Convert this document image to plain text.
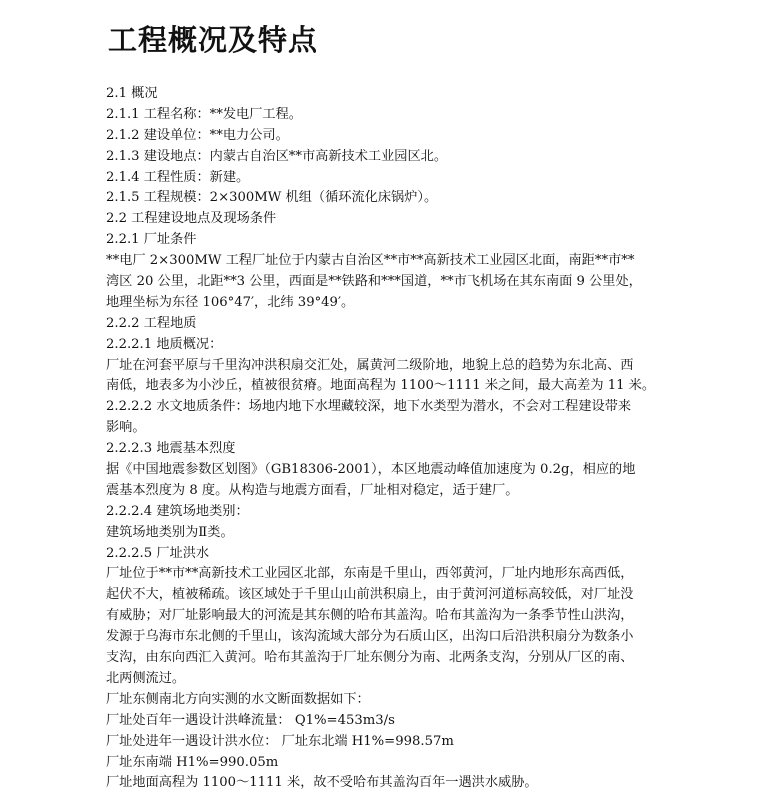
工程概况及特点
2.1 概况
2.1.1 工程名称：**发电厂工程。
2.1.2 建设单位：**电力公司。
2.1.3 建设地点：内蒙古自治区**市高新技术工业园区北。
2.1.4 工程性质：新建。
2.1.5 工程规模：2×300MW 机组（循环流化床锅炉）。
2.2 工程建设地点及现场条件
2.2.1 厂址条件
**电厂 2×300MW 工程厂址位于内蒙古自治区**市**高新技术工业园区北面，南距**市**
湾区 20 公里，北距**3 公里，西面是**铁路和***国道，**市飞机场在其东南面 9 公里处，
地理坐标为东径 106°47′，北纬 39°49′。
2.2.2 工程地质
2.2.2.1 地质概况：
厂址在河套平原与千里沟冲洪积扇交汇处，属黄河二级阶地，地貌上总的趋势为东北高、西
南低，地表多为小沙丘，植被很贫瘠。地面高程为 1100～1111 米之间，最大高差为 11 米。
2.2.2.2 水文地质条件：场地内地下水埋藏较深，地下水类型为潜水，不会对工程建设带来
影响。
2.2.2.3 地震基本烈度
据《中国地震参数区划图》（GB18306-2001），本区地震动峰值加速度为 0.2g，相应的地
震基本烈度为 8 度。从构造与地震方面看，厂址相对稳定，适于建厂。
2.2.2.4 建筑场地类别：
建筑场地类别为Ⅱ类。
2.2.2.5 厂址洪水
厂址位于**市**高新技术工业园区北部，东南是千里山，西邻黄河，厂址内地形东高西低，
起伏不大，植被稀疏。该区域处于千里山山前洪积扇上，由于黄河河道标高较低，对厂址没
有威胁；对厂址影响最大的河流是其东侧的哈布其盖沟。哈布其盖沟为一条季节性山洪沟，
发源于乌海市东北侧的千里山，该沟流域大部分为石质山区，出沟口后沿洪积扇分为数条小
支沟，由东向西汇入黄河。哈布其盖沟于厂址东侧分为南、北两条支沟，分别从厂区的南、
北两侧流过。
厂址东侧南北方向实测的水文断面数据如下：
厂址处百年一遇设计洪峰流量： Q1%=453m3/s
厂址处进年一遇设计洪水位： 厂址东北端 H1%=998.57m
厂址东南端 H1%=990.05m
厂址地面高程为 1100～1111 米，故不受哈布其盖沟百年一遇洪水威胁。
